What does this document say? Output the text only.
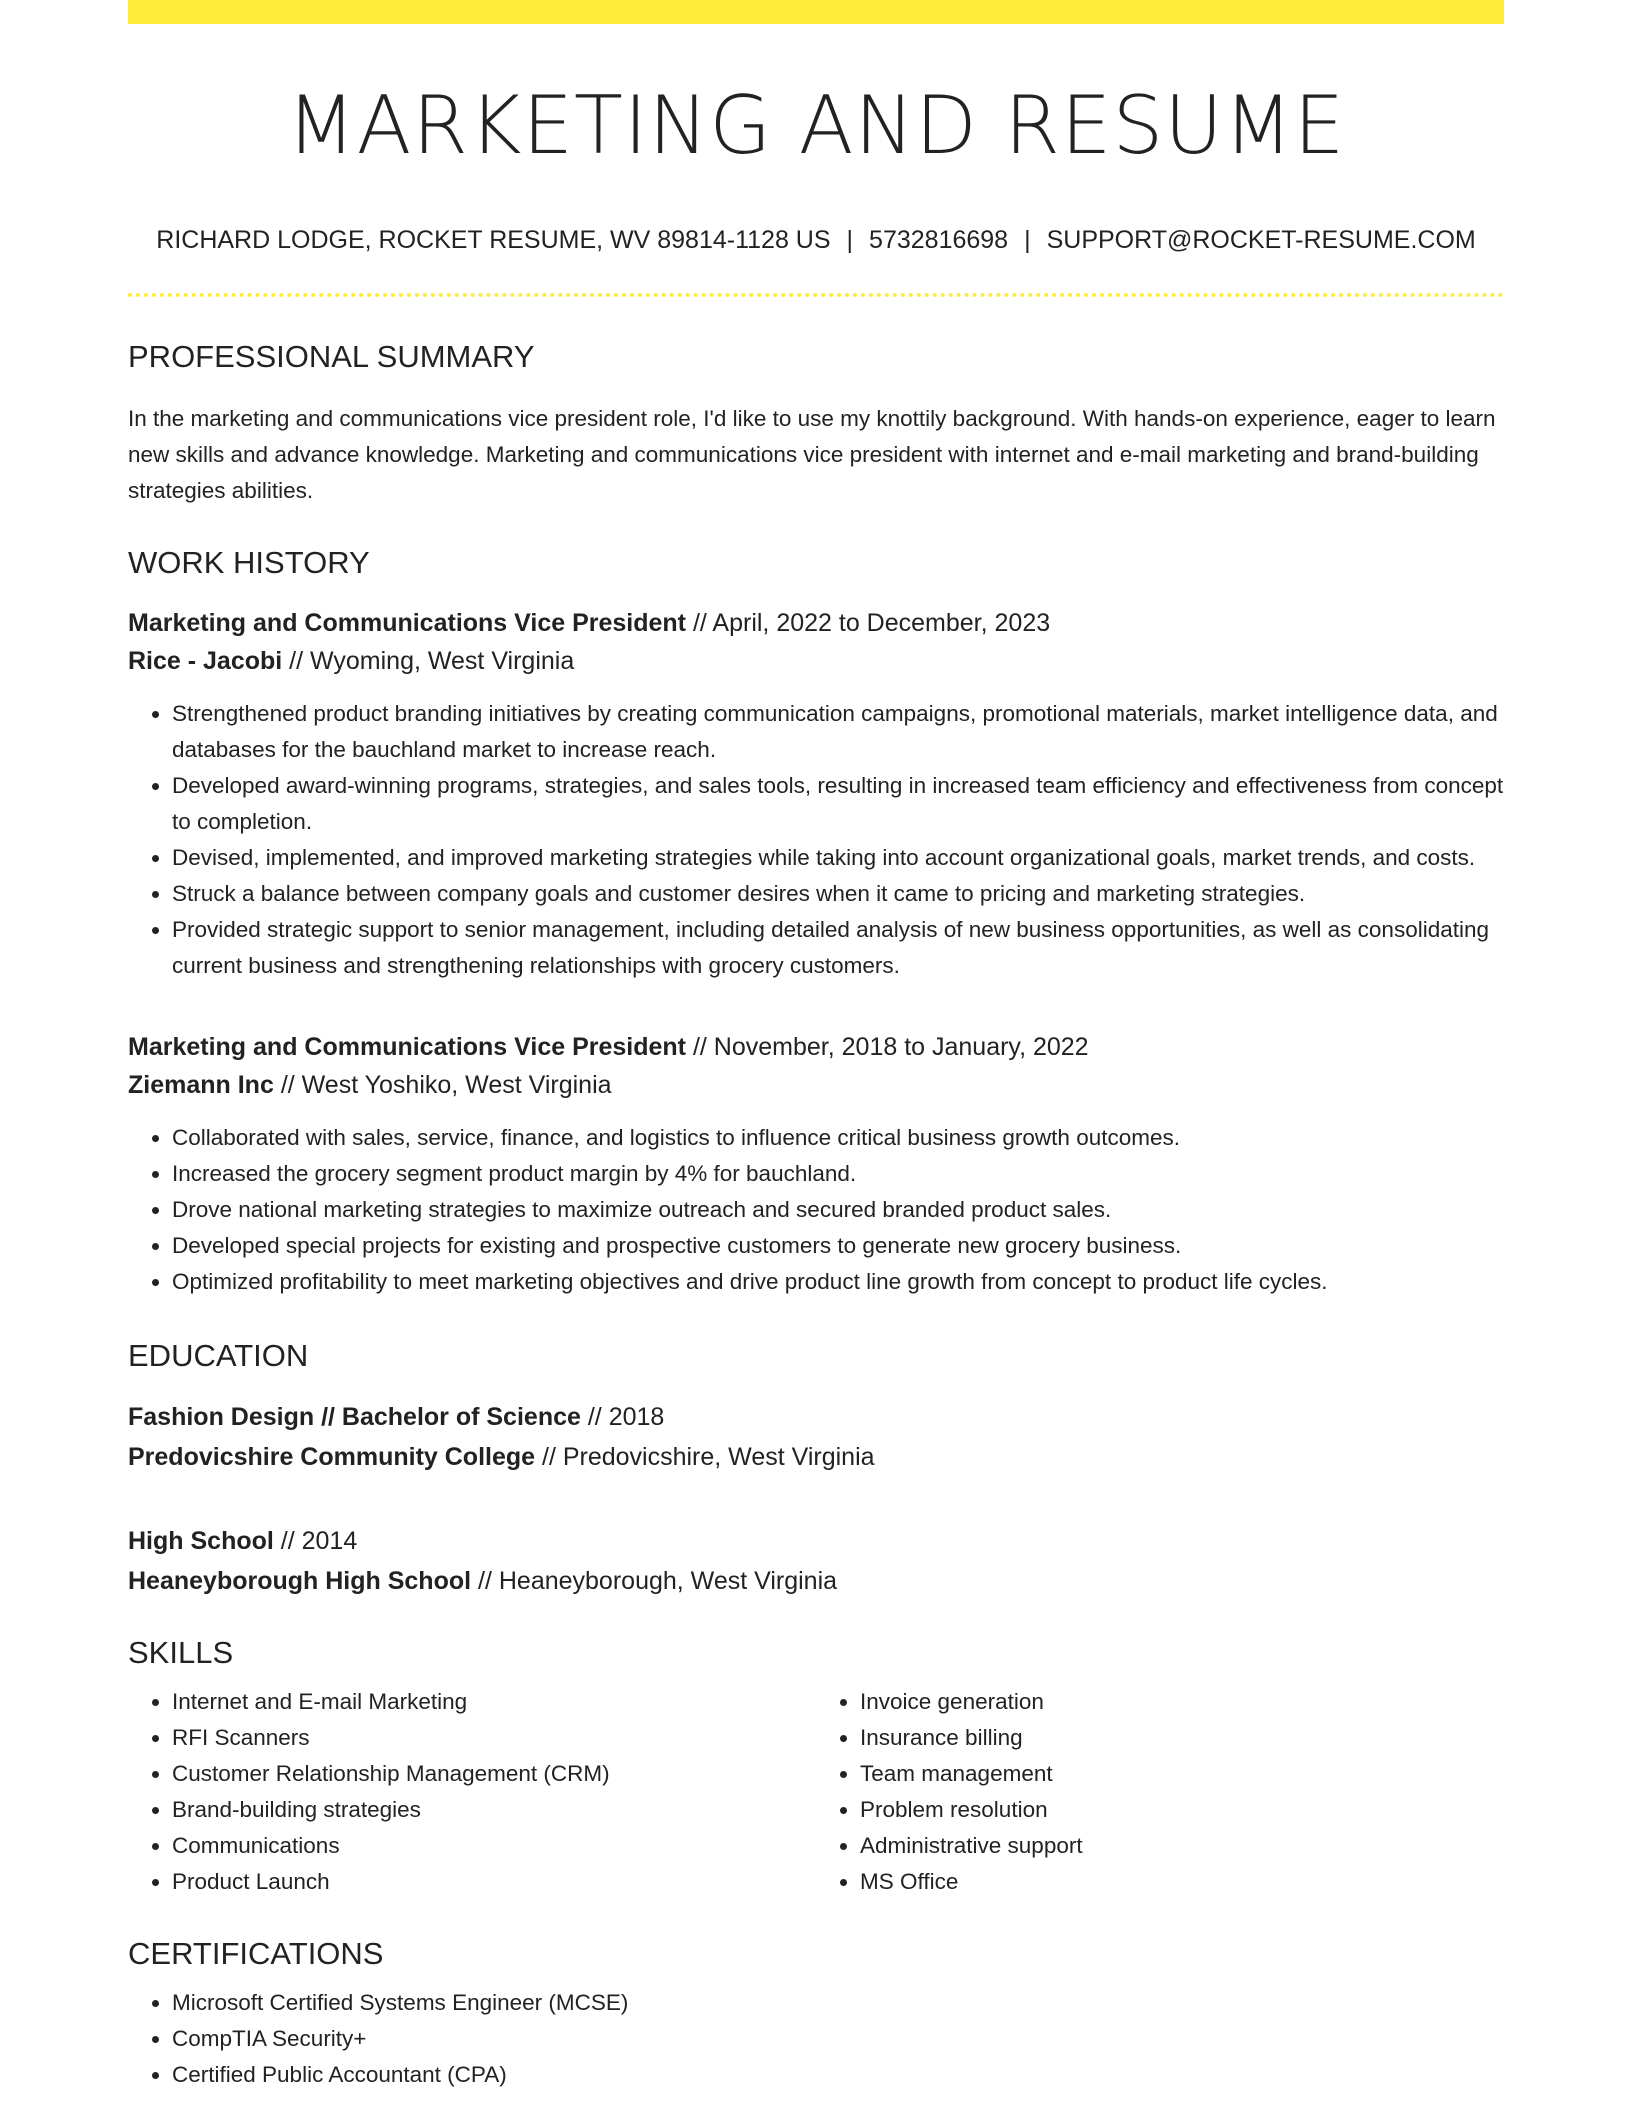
MARKETING AND RESUME
RICHARD LODGE, ROCKET RESUME, WV 89814-1128 US | 5732816698 | SUPPORT@ROCKET-RESUME.COM
PROFESSIONAL SUMMARY

In the marketing and communications vice president role, I'd like to use my knottily background. With hands-on experience, eager to learn new skills and advance knowledge. Marketing and communications vice president with internet and e-mail marketing and brand-building strategies abilities.

WORK HISTORY
Marketing and Communications Vice President // April, 2022 to December, 2023
Rice - Jacobi // Wyoming, West Virginia
• Strengthened product branding initiatives by creating communication campaigns, promotional materials, market intelligence data, and databases for the bauchland market to increase reach.
• Developed award-winning programs, strategies, and sales tools, resulting in increased team efficiency and effectiveness from concept to completion.
• Devised, implemented, and improved marketing strategies while taking into account organizational goals, market trends, and costs.
• Struck a balance between company goals and customer desires when it came to pricing and marketing strategies.
• Provided strategic support to senior management, including detailed analysis of new business opportunities, as well as consolidating current business and strengthening relationships with grocery customers.
Marketing and Communications Vice President // November, 2018 to January, 2022
Ziemann Inc // West Yoshiko, West Virginia
• Collaborated with sales, service, finance, and logistics to influence critical business growth outcomes.
• Increased the grocery segment product margin by 4% for bauchland.
• Drove national marketing strategies to maximize outreach and secured branded product sales.
• Developed special projects for existing and prospective customers to generate new grocery business.
• Optimized profitability to meet marketing objectives and drive product line growth from concept to product life cycles.
EDUCATION
Fashion Design // Bachelor of Science // 2018
Predovicshire Community College // Predovicshire, West Virginia
High School // 2014
Heaneyborough High School // Heaneyborough, West Virginia
SKILLS
• Internet and E-mail Marketing
• RFI Scanners
• Customer Relationship Management (CRM)
• Brand-building strategies
• Communications
• Product Launch
• Invoice generation
• Insurance billing
• Team management
• Problem resolution
• Administrative support
• MS Office
CERTIFICATIONS
• Microsoft Certified Systems Engineer (MCSE)
• CompTIA Security+
• Certified Public Accountant (CPA)
